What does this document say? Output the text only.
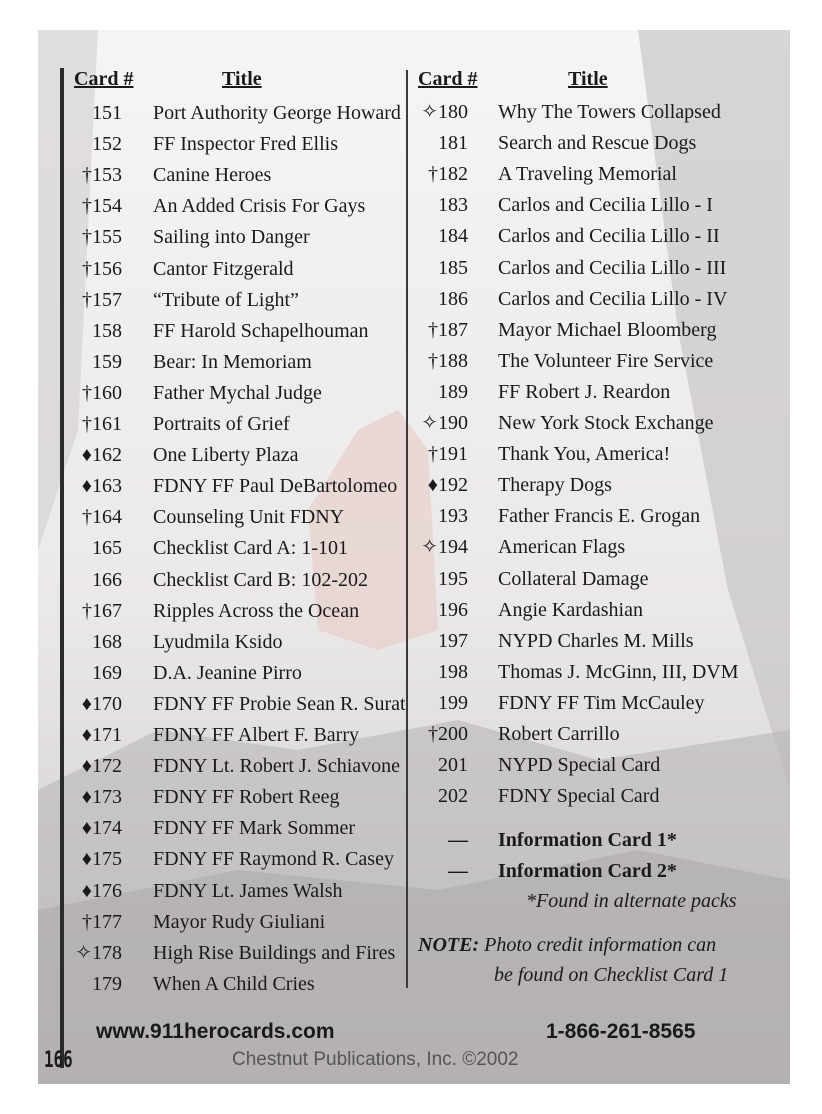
Card #	Title	Card #	Title
151 Port Authority George Howard
152 FF Inspector Fred Ellis
†153 Canine Heroes
†154 An Added Crisis For Gays
†155 Sailing into Danger
†156 Cantor Fitzgerald
†157 “Tribute of Light”
158 FF Harold Schapelhouman
159 Bear: In Memoriam
†160 Father Mychal Judge
†161 Portraits of Grief
♦162 One Liberty Plaza
♦163 FDNY FF Paul DeBartolomeo
†164 Counseling Unit FDNY
165 Checklist Card A: 1-101
166 Checklist Card B: 102-202
†167 Ripples Across the Ocean
168 Lyudmila Ksido
169 D.A. Jeanine Pirro
♦170 FDNY FF Probie Sean R. Surat
♦171 FDNY FF Albert F. Barry
♦172 FDNY Lt. Robert J. Schiavone
♦173 FDNY FF Robert Reeg
♦174 FDNY FF Mark Sommer
♦175 FDNY FF Raymond R. Casey
♦176 FDNY Lt. James Walsh
†177 Mayor Rudy Giuliani
✧178 High Rise Buildings and Fires
179 When A Child Cries
✧180 Why The Towers Collapsed
181 Search and Rescue Dogs
†182 A Traveling Memorial
183 Carlos and Cecilia Lillo - I
184 Carlos and Cecilia Lillo - II
185 Carlos and Cecilia Lillo - III
186 Carlos and Cecilia Lillo - IV
†187 Mayor Michael Bloomberg
†188 The Volunteer Fire Service
189 FF Robert J. Reardon
✧190 New York Stock Exchange
†191 Thank You, America!
♦192 Therapy Dogs
193 Father Francis E. Grogan
✧194 American Flags
195 Collateral Damage
196 Angie Kardashian
197 NYPD Charles M. Mills
198 Thomas J. McGinn, III, DVM
199 FDNY FF Tim McCauley
†200 Robert Carrillo
201 NYPD Special Card
202 FDNY Special Card
— Information Card 1*
— Information Card 2*
*Found in alternate packs
NOTE: Photo credit information can
be found on Checklist Card 1
www.911herocards.com	1-866-261-8565
Chestnut Publications, Inc. ©2002
166
